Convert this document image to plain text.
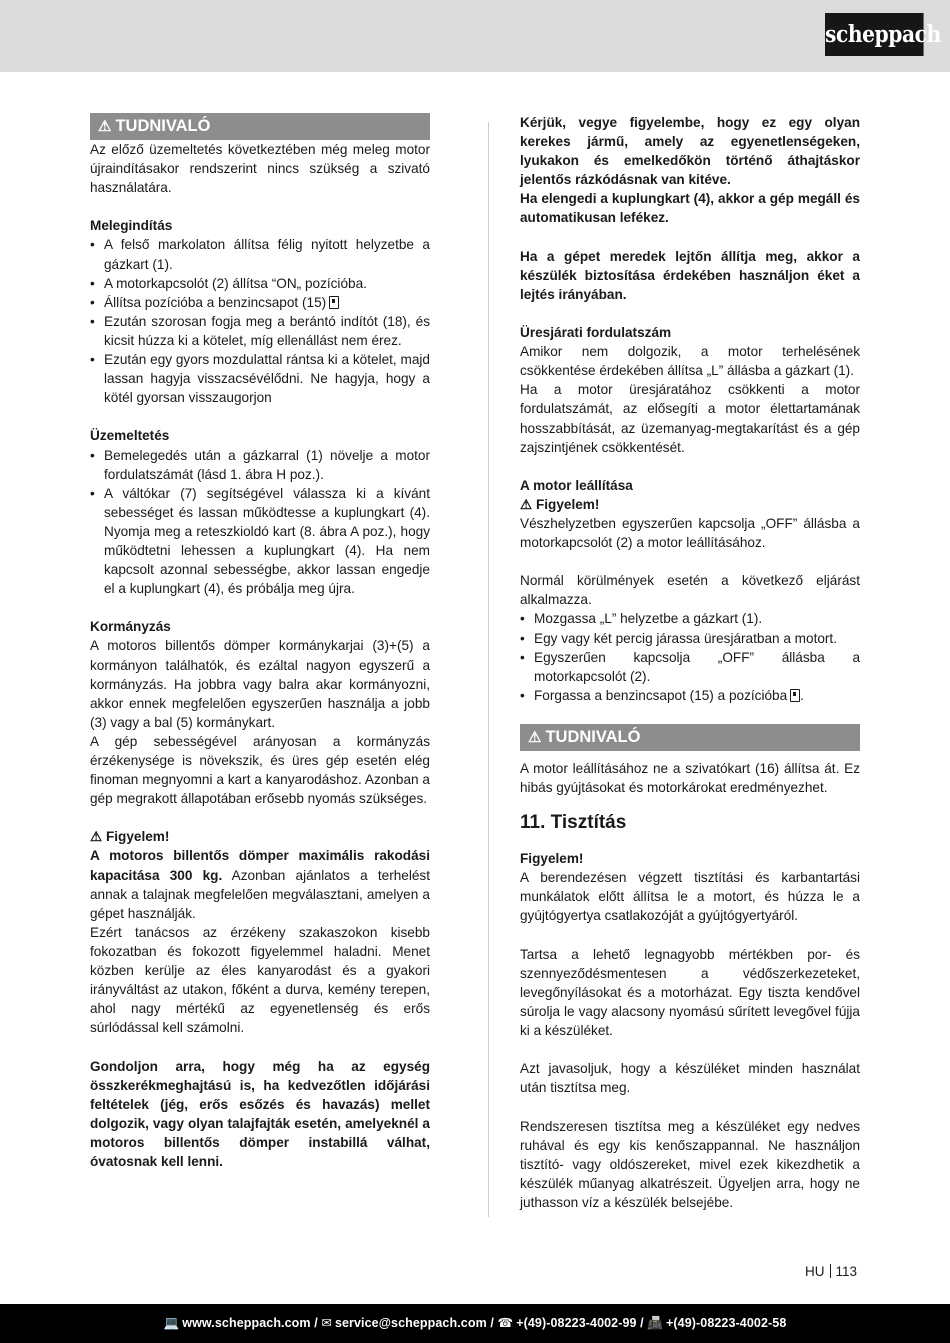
scheppach
⚠ TUDNIVALÓ

Az előző üzemeltetés következtében még meleg motor újraindításakor rendszerint nincs szükség a szivató használatára.

Melegindítás

• A felső markolaton állítsa félig nyitott helyzetbe a gázkart (1).
• A motorkapcsolót (2) állítsa “ON„ pozícióba.
• Állítsa pozícióba a benzincsapot (15)
• Ezután szorosan fogja meg a berántó indítót (18), és kicsit húzza ki a kötelet, míg ellenállást nem érez.
• Ezután egy gyors mozdulattal rántsa ki a kötelet, majd lassan hagyja visszacsévélődni. Ne hagyja, hogy a kötél gyorsan visszaugorjon

Üzemeltetés

• Bemelegedés után a gázkarral (1) növelje a motor fordulatszámát (lásd 1. ábra H poz.).
• A váltókar (7) segítségével válassza ki a kívánt sebességet és lassan működtesse a kuplungkart (4). Nyomja meg a reteszkioldó kart (8. ábra A poz.), hogy működtetni lehessen a kuplungkart (4). Ha nem kapcsolt azonnal sebességbe, akkor lassan engedje el a kuplungkart (4), és próbálja meg újra.

Kormányzás

A motoros billentős dömper kormánykarjai (3)+(5) a kormányon találhatók, és ezáltal nagyon egyszerű a kormányzás. Ha jobbra vagy balra akar kormányozni, akkor ennek megfelelően egyszerűen használja a jobb (3) vagy a bal (5) kormánykart.

A gép sebességével arányosan a kormányzás érzékenysége is növekszik, és üres gép esetén elég finoman megnyomni a kart a kanyarodáshoz. Azonban a gép megrakott állapotában erősebb nyomás szükséges.

⚠ Figyelem!

A motoros billentős dömper maximális rakodási kapacitása 300 kg. Azonban ajánlatos a terhelést annak a talajnak megfelelően megválasztani, amelyen a gépet használják.

Ezért tanácsos az érzékeny szakaszokon kisebb fokozatban és fokozott figyelemmel haladni. Menet közben kerülje az éles kanyarodást és a gyakori irányváltást az utakon, főként a durva, kemény terepen, ahol nagy mértékű az egyenetlenség és erős súrlódással kell számolni.

Gondoljon arra, hogy még ha az egység összkerékmeghajtású is, ha kedvezőtlen időjárási feltételek (jég, erős esőzés és havazás) mellet dolgozik, vagy olyan talajfajták esetén, amelyeknél a motoros billentős dömper instabillá válhat, óvatosnak kell lenni.

Kérjük, vegye figyelembe, hogy ez egy olyan kerekes jármű, amely az egyenetlenségeken, lyukakon és emelkedőkön történő áthajtáskor jelentős rázkódásnak van kitéve.

Ha elengedi a kuplungkart (4), akkor a gép megáll és automatikusan lefékez.

Ha a gépet meredek lejtőn állítja meg, akkor a készülék biztosítása érdekében használjon éket a lejtés irányában.

Üresjárati fordulatszám

Amikor nem dolgozik, a motor terhelésének csökkentése érdekében állítsa „L” állásba a gázkart (1).

Ha a motor üresjáratához csökkenti a motor fordulatszámát, az elősegíti a motor élettartamának hosszabbítását, az üzemanyag-megtakarítást és a gép zajszintjének csökkentését.

A motor leállítása

⚠ Figyelem!

Vészhelyzetben egyszerűen kapcsolja „OFF” állásba a motorkapcsolót (2) a motor leállításához.

Normál körülmények esetén a következő eljárást alkalmazza.

• Mozgassa „L” helyzetbe a gázkart (1).
• Egy vagy két percig járassa üresjáratban a motort.
• Egyszerűen kapcsolja „OFF” állásba a motorkapcsolót (2).
• Forgassa a benzincsapot (15) a pozícióba .
⚠ TUDNIVALÓ

A motor leállításához ne a szivatókart (16) állítsa át. Ez hibás gyújtásokat és motorkárokat eredményezhet.

11. Tisztítás

Figyelem!

A berendezésen végzett tisztítási és karbantartási munkálatok előtt állítsa le a motort, és húzza le a gyújtógyertya csatlakozóját a gyújtógyertyáról.

Tartsa a lehető legnagyobb mértékben por- és szennyeződésmentesen a védőszerkezeteket, levegőnyílásokat és a motorházat. Egy tiszta kendővel súrolja le vagy alacsony nyomású sűrített levegővel fújja ki a készüléket.

Azt javasoljuk, hogy a készüléket minden használat után tisztítsa meg.

Rendszeresen tisztítsa meg a készüléket egy nedves ruhával és egy kis kenőszappannal. Ne használjon tisztító- vagy oldószereket, mivel ezek kikezdhetik a készülék műanyag alkatrészeit. Ügyeljen arra, hogy ne juthasson víz a készülék belsejébe.

HU 113
💻 www.scheppach.com / ✉ service@scheppach.com / ☎ +(49)-08223-4002-99 / 📠 +(49)-08223-4002-58
